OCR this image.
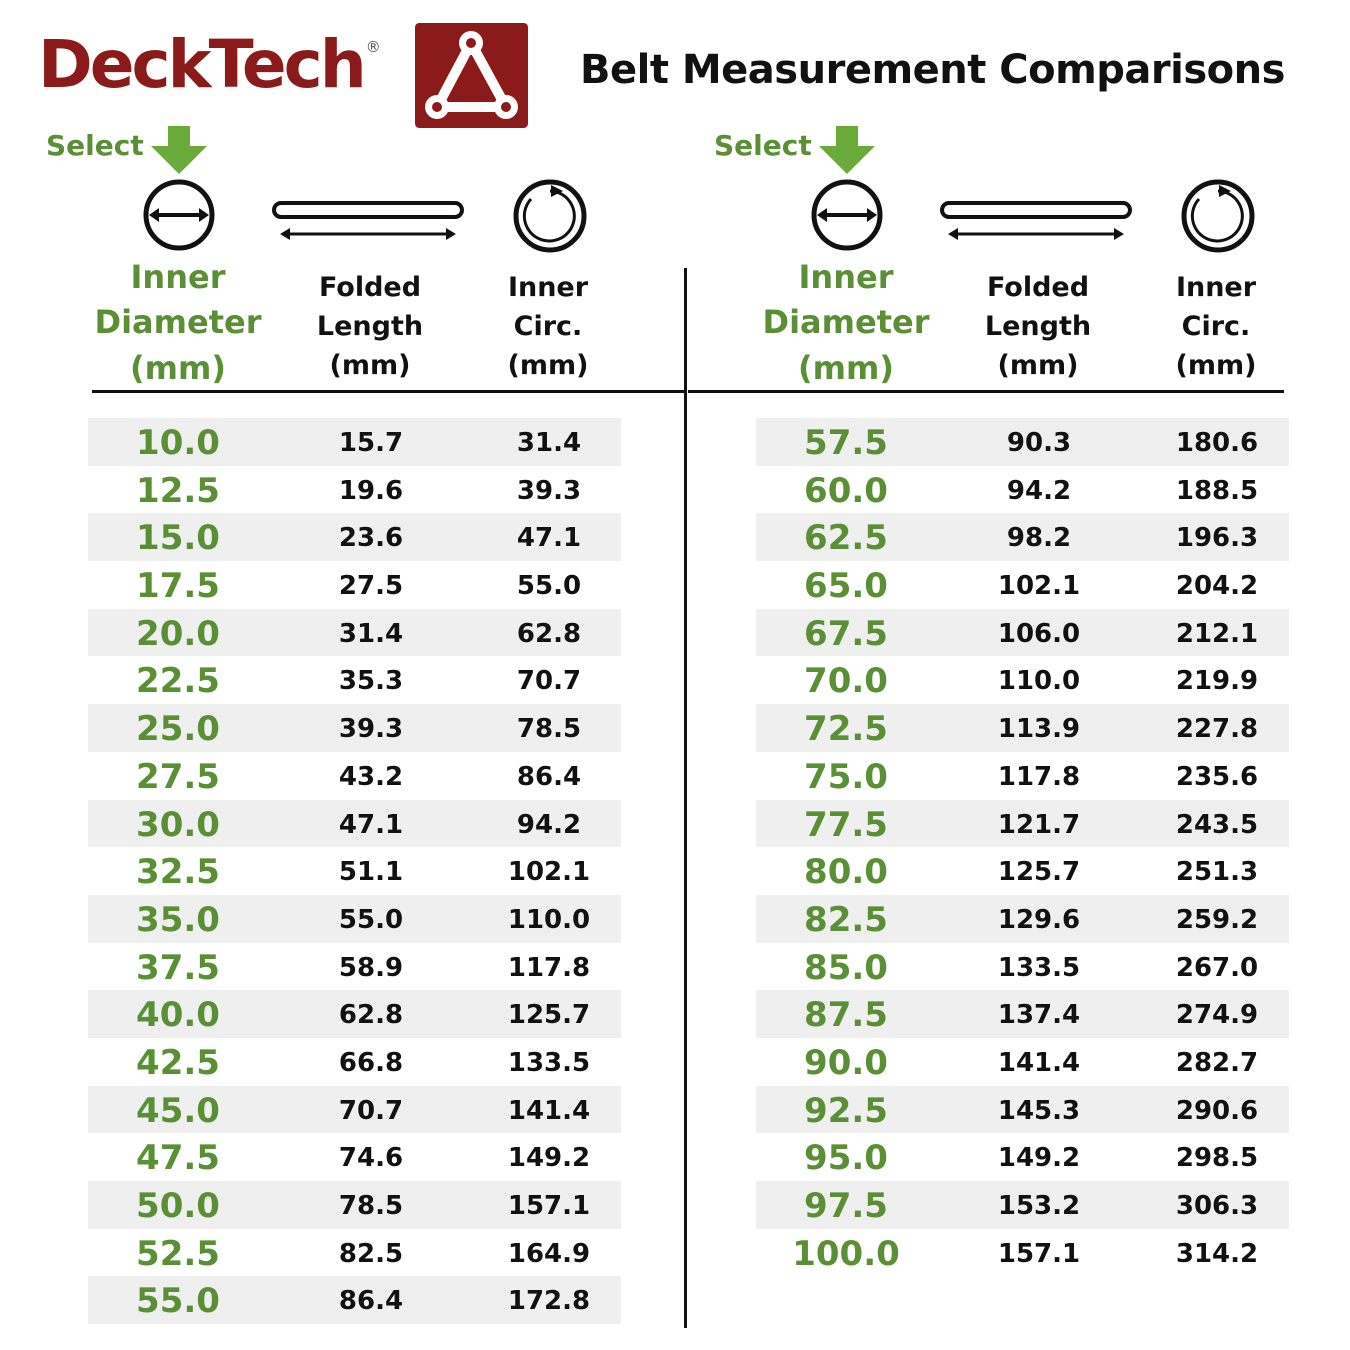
DeckTech ®	Belt Measurement Comparisons
Select
Inner
Diameter
(mm)
Folded
Length
(mm)
Inner
Circ.
(mm)
10.0	15.7	31.4
12.5	19.6	39.3
15.0	23.6	47.1
17.5	27.5	55.0
20.0	31.4	62.8
22.5	35.3	70.7
25.0	39.3	78.5
27.5	43.2	86.4
30.0	47.1	94.2
32.5	51.1	102.1
35.0	55.0	110.0
37.5	58.9	117.8
40.0	62.8	125.7
42.5	66.8	133.5
45.0	70.7	141.4
47.5	74.6	149.2
50.0	78.5	157.1
52.5	82.5	164.9
55.0	86.4	172.8
Select
Inner
Diameter
(mm)
Folded
Length
(mm)
Inner
Circ.
(mm)
57.5	90.3	180.6
60.0	94.2	188.5
62.5	98.2	196.3
65.0	102.1	204.2
67.5	106.0	212.1
70.0	110.0	219.9
72.5	113.9	227.8
75.0	117.8	235.6
77.5	121.7	243.5
80.0	125.7	251.3
82.5	129.6	259.2
85.0	133.5	267.0
87.5	137.4	274.9
90.0	141.4	282.7
92.5	145.3	290.6
95.0	149.2	298.5
97.5	153.2	306.3
100.0	157.1	314.2
